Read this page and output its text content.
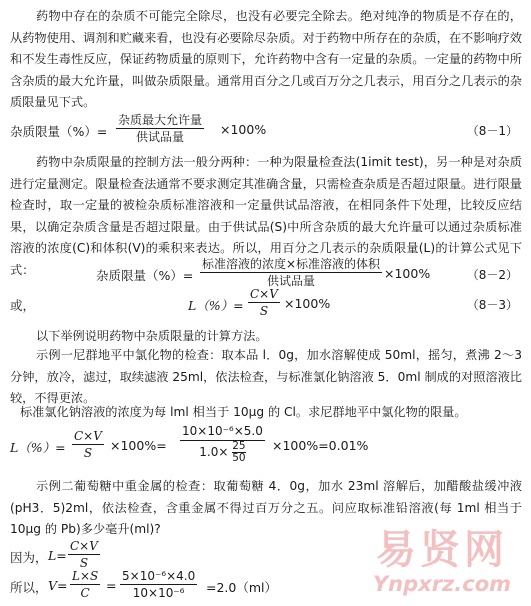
药物中存在的杂质不可能完全除尽，也没有必要完全除去。绝对纯净的物质是不存在的，从药物使用、调剂和贮藏来看，也没有必要除尽杂质。对于药物中所存在的杂质，在不影响疗效和不发生毒性反应，保证药物质量的原则下，允许药物中含有一定量的杂质。一定量的药物中所含杂质的最大允许量，叫做杂质限量。通常用百分之几或百万分之几表示，用百分之几表示的杂质限量见下式。
杂质限量（%）=
杂质最大允许量
供试品量	×100%	（8－1）
药物中杂质限量的控制方法一般分两种：一种为限量检查法(1imit test)，另一种是对杂质进行定量测定。限量检查法通常不要求测定其准确含量，只需检查杂质是否超过限量。进行限量检查时，取一定量的被检杂质标准溶液和一定量供试品溶液，在相同条件下处理，比较反应结果，以确定杂质含量是否超过限量。由于供试品(S)中所含杂质的最大允许量可以通过杂质标准溶液的浓度(C)和体积(V)的乘积来表达。所以，用百分之几表示的杂质限量(L)的计算公式见下式：	杂质限量（%）=
标准溶液的浓度×标准溶液的体积
供试品量	×100%	（8－2）
或，	L（%）=
C×V
S	×100%	（8－3）
以下举例说明药物中杂质限量的计算方法。
示例一尼群地平中氯化物的检查：取本品 l．0g，加水溶解使成 50ml，摇匀，煮沸 2～3 分钟，放冷，滤过，取续滤液 25ml，依法检查，与标准氯化钠溶液 5．0ml 制成的对照溶液比较，不得更浓。
标准氯化钠溶液的浓度为每 lml 相当于 10μg 的 Cl。求尼群地平中氯化物的限量。
L（%）=
C×V
S	×100%=
10×10⁻⁶×5.0
$1.0\times \frac{25}{50} \times 100\%=0.01\%$
示例二葡萄糖中重金属的检查：取葡萄糖 4．0g，加水 23ml 溶解后，加醋酸盐缓冲液(pH3．5)2ml，依法检查，含重金属不得过百万分之五。问应取标准铅溶液(每 1ml 相当于 10μg 的 Pb)多少毫升(ml)?
因为， L=
C×V
S
所以， V=
L×S
C	=
5×10⁻⁶×4.0
10×10⁻⁶	=2.0（ml）
易贤网
Ynpxrz.com
